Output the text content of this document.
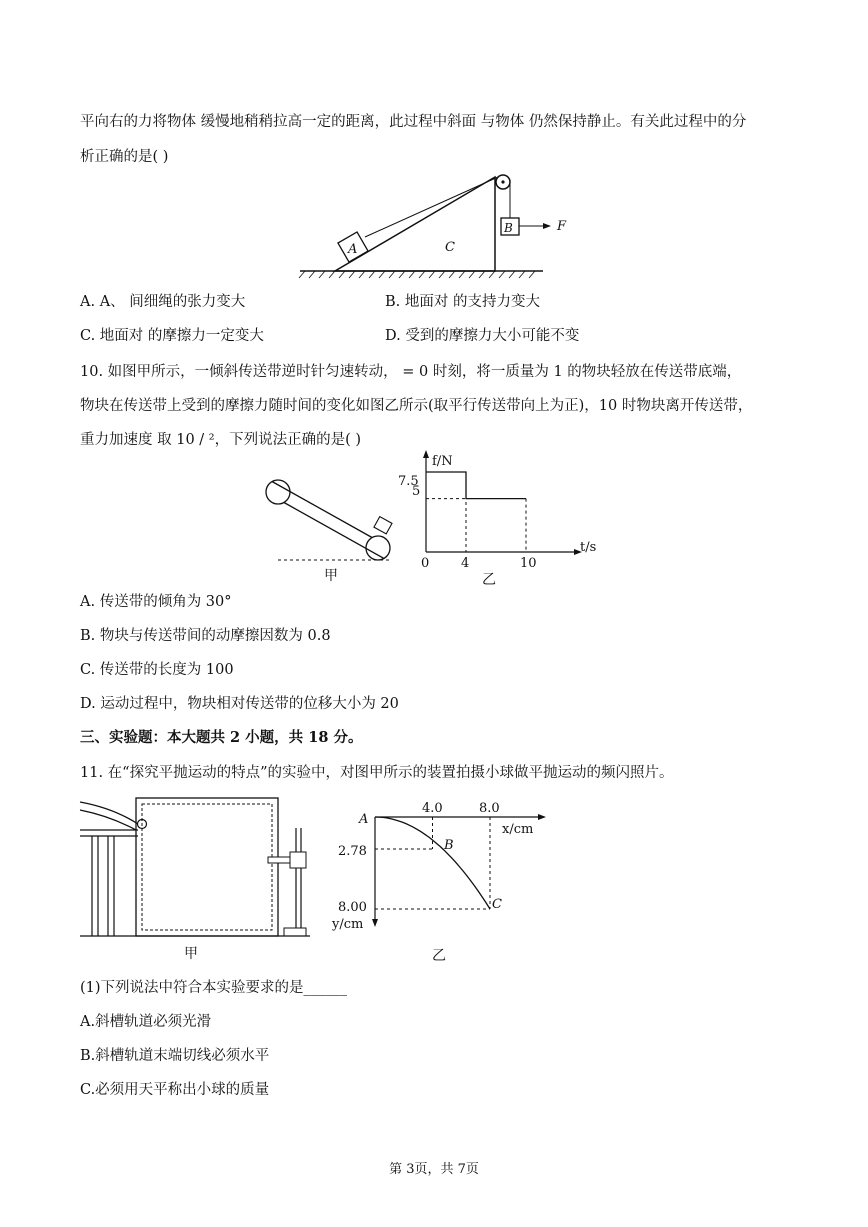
平向右的力将物体 缓慢地稍稍拉高一定的距离，此过程中斜面 与物体 仍然保持静止。有关此过程中的分
析正确的是( )
A
B
C
F
A. A、 间细绳的张力变大	B. 地面对 的支持力变大
C. 地面对 的摩擦力一定变大	D. 受到的摩擦力大小可能不变
10. 如图甲所示，一倾斜传送带逆时针匀速转动， = 0 时刻，将一质量为 1 的物块轻放在传送带底端，
物块在传送带上受到的摩擦力随时间的变化如图乙所示(取平行传送带向上为正)，10 时物块离开传送带，
重力加速度 取 10 / ²，下列说法正确的是( )
甲
f/N
t/s
7.5
5
0 4	10
乙
A. 传送带的倾角为 30°
B. 物块与传送带间的动摩擦因数为 0.8
C. 传送带的长度为 100
D. 运动过程中，物块相对传送带的位移大小为 20
三、实验题：本大题共 2 小题，共 18 分。
11. 在“探究平抛运动的特点”的实验中，对图甲所示的装置拍摄小球做平抛运动的频闪照片。
甲
A
x/cm
y/cm
4.0	8.0
2.78
8.00
B
C
乙
(1)下列说法中符合本实验要求的是______
A.斜槽轨道必须光滑
B.斜槽轨道末端切线必须水平
C.必须用天平称出小球的质量
第 3页，共 7页
